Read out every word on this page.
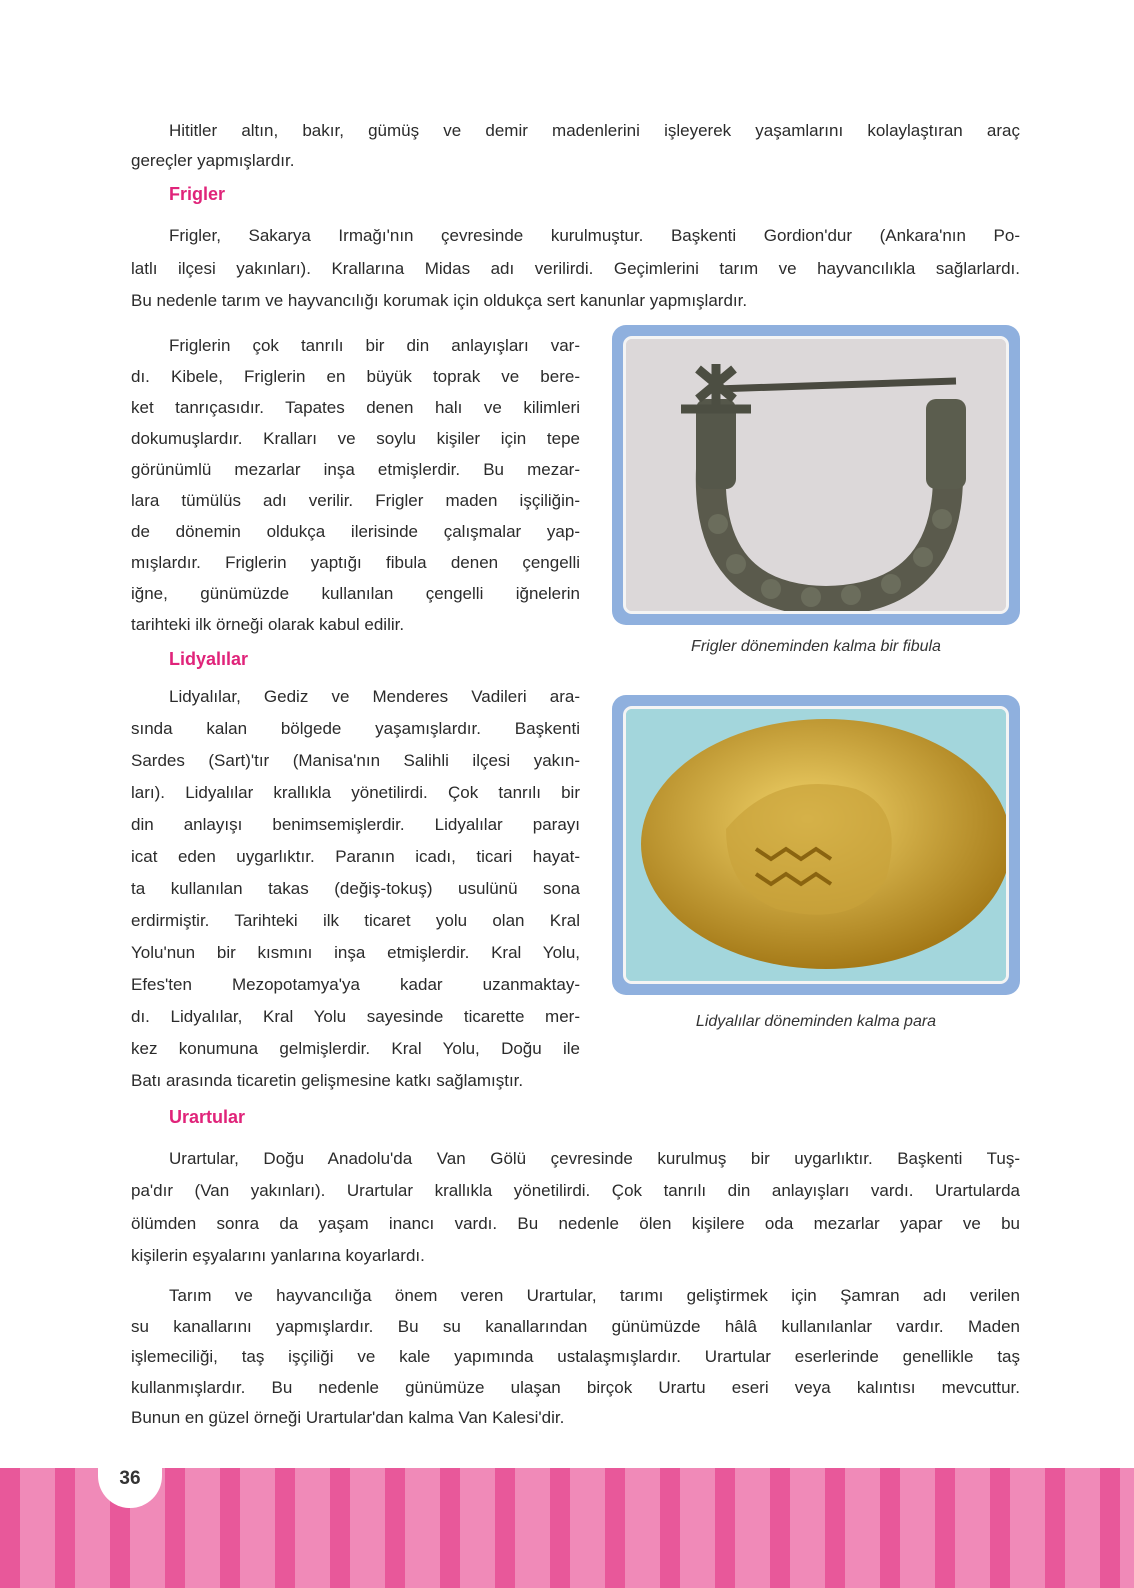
Hititler altın, bakır, gümüş ve demir madenlerini işleyerek yaşamlarını kolaylaştıran araç
gereçler yapmışlardır.
Frigler
Frigler, Sakarya Irmağı'nın çevresinde kurulmuştur. Başkenti Gordion'dur (Ankara'nın Po-
latlı ilçesi yakınları). Krallarına Midas adı verilirdi. Geçimlerini tarım ve hayvancılıkla sağlarlardı.
Bu nedenle tarım ve hayvancılığı korumak için oldukça sert kanunlar yapmışlardır.
Friglerin çok tanrılı bir din anlayışları var-
dı. Kibele, Friglerin en büyük toprak ve bere-
ket tanrıçasıdır. Tapates denen halı ve kilimleri
dokumuşlardır. Kralları ve soylu kişiler için tepe
görünümlü mezarlar inşa etmişlerdir. Bu mezar-
lara tümülüs adı verilir. Frigler maden işçiliğin-
de dönemin oldukça ilerisinde çalışmalar yap-
mışlardır. Friglerin yaptığı fibula denen çengelli
iğne, günümüzde kullanılan çengelli iğnelerin
tarihteki ilk örneği olarak kabul edilir.
Frigler döneminden kalma bir fibula
Lidyalılar
Lidyalılar, Gediz ve Menderes Vadileri ara-
sında kalan bölgede yaşamışlardır. Başkenti
Sardes (Sart)'tır (Manisa'nın Salihli ilçesi yakın-
ları). Lidyalılar krallıkla yönetilirdi. Çok tanrılı bir
din anlayışı benimsemişlerdir. Lidyalılar parayı
icat eden uygarlıktır. Paranın icadı, ticari hayat-
ta kullanılan takas (değiş-tokuş) usulünü sona
erdirmiştir. Tarihteki ilk ticaret yolu olan Kral
Yolu'nun bir kısmını inşa etmişlerdir. Kral Yolu,
Efes'ten Mezopotamya'ya kadar uzanmaktay-
dı. Lidyalılar, Kral Yolu sayesinde ticarette mer-
kez konumuna gelmişlerdir. Kral Yolu, Doğu ile
Batı arasında ticaretin gelişmesine katkı sağlamıştır.
Lidyalılar döneminden kalma para
Urartular
Urartular, Doğu Anadolu'da Van Gölü çevresinde kurulmuş bir uygarlıktır. Başkenti Tuş-
pa'dır (Van yakınları). Urartular krallıkla yönetilirdi. Çok tanrılı din anlayışları vardı. Urartularda
ölümden sonra da yaşam inancı vardı. Bu nedenle ölen kişilere oda mezarlar yapar ve bu
kişilerin eşyalarını yanlarına koyarlardı.
Tarım ve hayvancılığa önem veren Urartular, tarımı geliştirmek için Şamran adı verilen
su kanallarını yapmışlardır. Bu su kanallarından günümüzde hâlâ kullanılanlar vardır. Maden
işlemeciliği, taş işçiliği ve kale yapımında ustalaşmışlardır. Urartular eserlerinde genellikle taş
kullanmışlardır. Bu nedenle günümüze ulaşan birçok Urartu eseri veya kalıntısı mevcuttur.
Bunun en güzel örneği Urartular'dan kalma Van Kalesi'dir.
36
